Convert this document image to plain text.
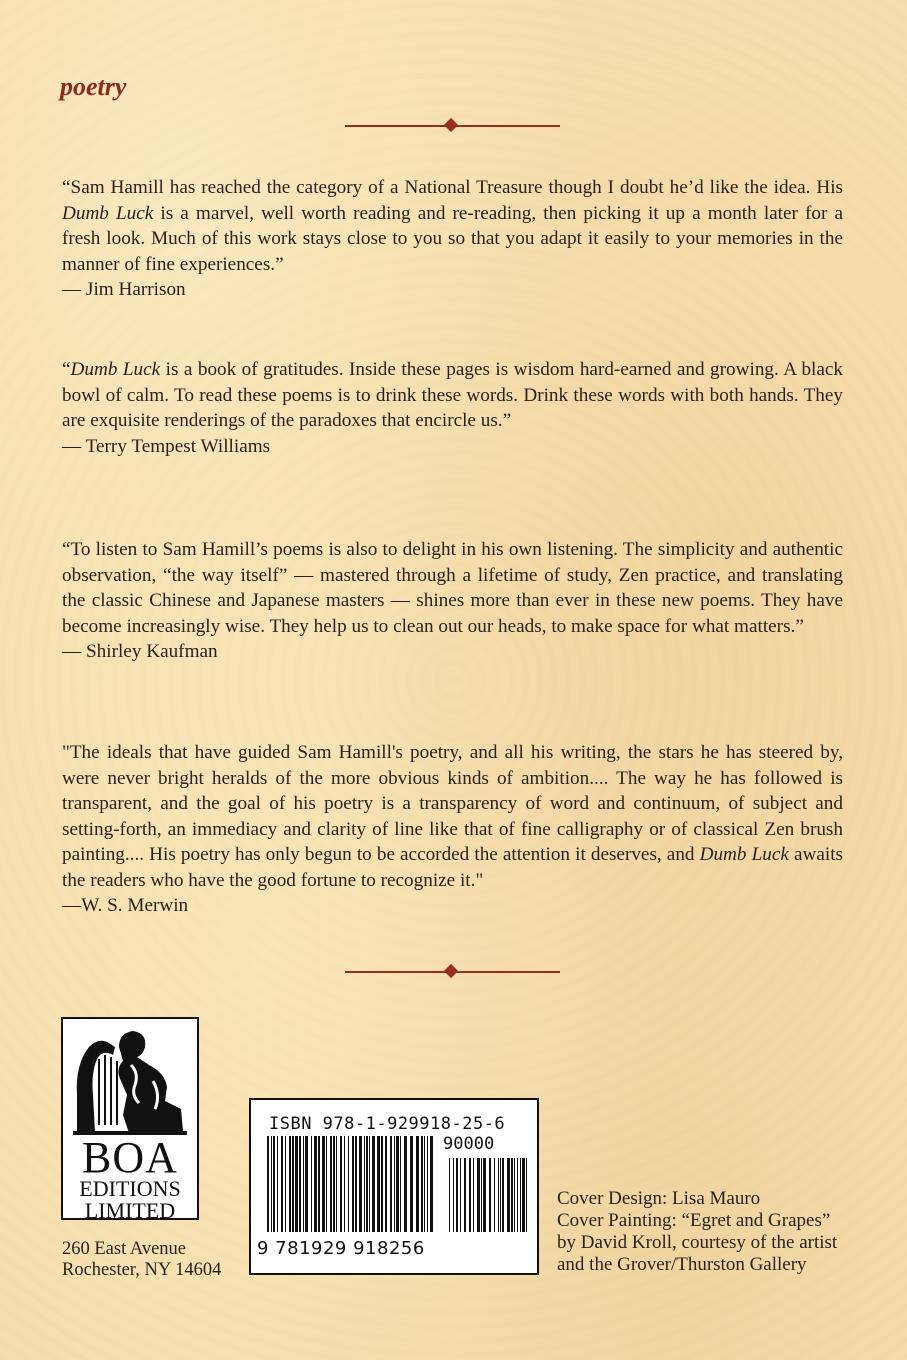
poetry

“Sam Hamill has reached the category of a National Treasure though I doubt he’d like the idea. His Dumb Luck is a marvel, well worth reading and re-reading, then picking it up a month later for a fresh look. Much of this work stays close to you so that you adapt it easily to your memories in the manner of fine experiences.”

— Jim Harrison

“Dumb Luck is a book of gratitudes. Inside these pages is wisdom hard-earned and growing. A black bowl of calm. To read these poems is to drink these words. Drink these words with both hands. They are exquisite renderings of the paradoxes that encircle us.”

— Terry Tempest Williams

“To listen to Sam Hamill’s poems is also to delight in his own listening. The simplicity and authentic observation, “the way itself” — mastered through a lifetime of study, Zen practice, and translating the classic Chinese and Japanese masters — shines more than ever in these new poems. They have become increasingly wise. They help us to clean out our heads, to make space for what matters.”

— Shirley Kaufman

"The ideals that have guided Sam Hamill's poetry, and all his writing, the stars he has steered by, were never bright heralds of the more obvious kinds of ambition.... The way he has followed is transparent, and the goal of his poetry is a transparency of word and continuum, of subject and setting-forth, an immediacy and clarity of line like that of fine calligraphy or of classical Zen brush painting.... His poetry has only begun to be accorded the attention it deserves, and Dumb Luck awaits the readers who have the good fortune to recognize it."

—W. S. Merwin

BOA
EDITIONS
LIMITED
260 East Avenue
Rochester, NY 14604
ISBN 978-1-929918-25-6
90000
9 781929 918256
Cover Design: Lisa Mauro
Cover Painting: “Egret and Grapes”
by David Kroll, courtesy of the artist
and the Grover/Thurston Gallery
